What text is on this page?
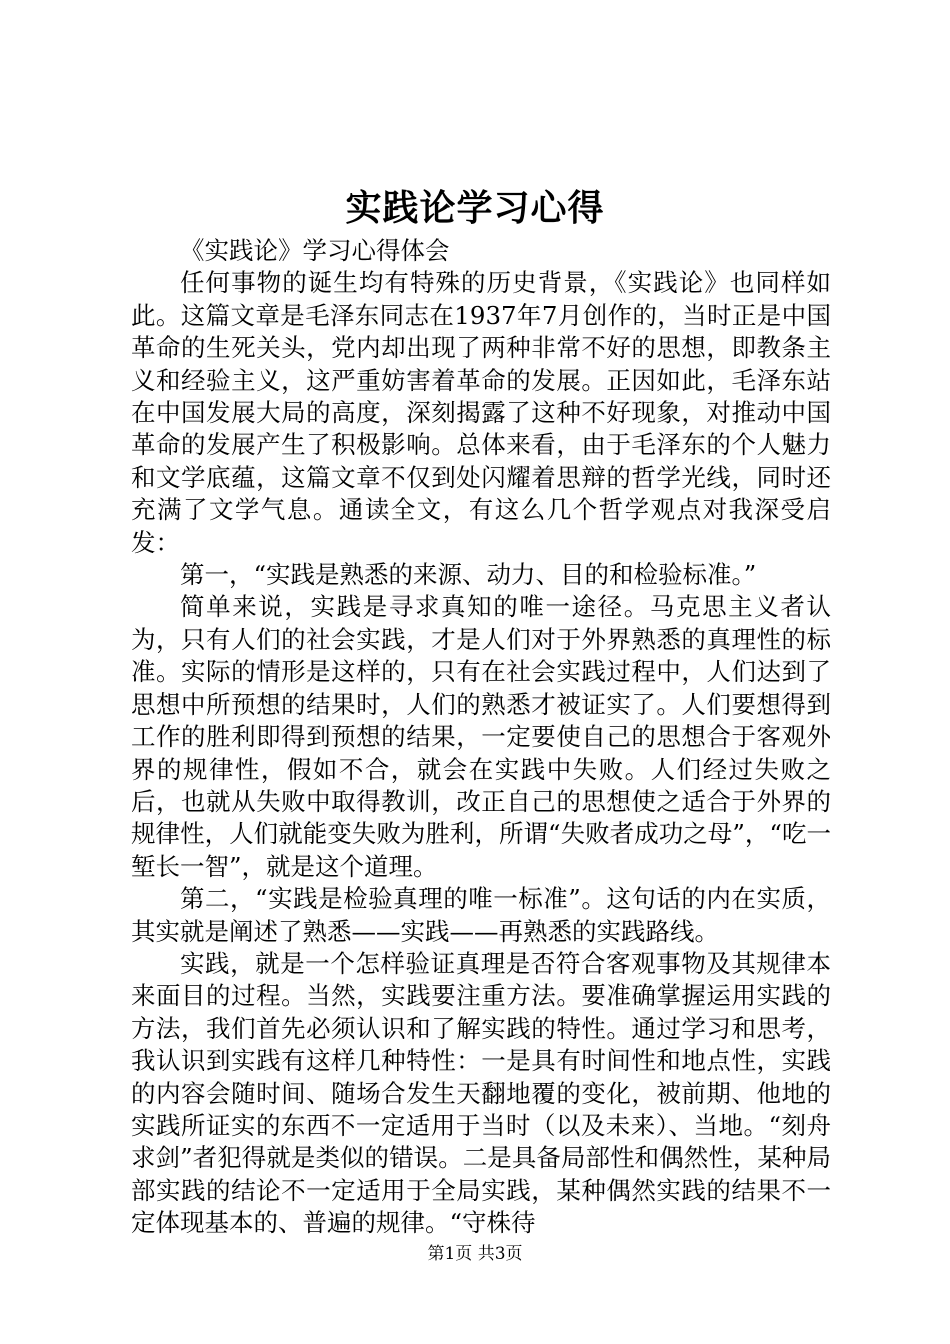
实践论学习心得

《实践论》学习心得体会

任何事物的诞生均有特殊的历史背景，《实践论》也同样如此。这篇文章是毛泽东同志在1937年7月创作的，当时正是中国革命的生死关头，党内却出现了两种非常不好的思想，即教条主义和经验主义，这严重妨害着革命的发展。正因如此，毛泽东站在中国发展大局的高度，深刻揭露了这种不好现象，对推动中国革命的发展产生了积极影响。总体来看，由于毛泽东的个人魅力和文学底蕴，这篇文章不仅到处闪耀着思辩的哲学光线，同时还充满了文学气息。通读全文，有这么几个哲学观点对我深受启发：

第一，“实践是熟悉的来源、动力、目的和检验标准。”

简单来说，实践是寻求真知的唯一途径。马克思主义者认为，只有人们的社会实践，才是人们对于外界熟悉的真理性的标准。实际的情形是这样的，只有在社会实践过程中，人们达到了思想中所预想的结果时，人们的熟悉才被证实了。人们要想得到工作的胜利即得到预想的结果，一定要使自己的思想合于客观外界的规律性，假如不合，就会在实践中失败。人们经过失败之后，也就从失败中取得教训，改正自己的思想使之适合于外界的规律性，人们就能变失败为胜利，所谓“失败者成功之母”，“吃一堑长一智”，就是这个道理。

第二，“实践是检验真理的唯一标准”。这句话的内在实质，其实就是阐述了熟悉——实践——再熟悉的实践路线。

实践，就是一个怎样验证真理是否符合客观事物及其规律本来面目的过程。当然，实践要注重方法。要准确掌握运用实践的方法，我们首先必须认识和了解实践的特性。通过学习和思考，我认识到实践有这样几种特性：一是具有时间性和地点性，实践的内容会随时间、随场合发生天翻地覆的变化，被前期、他地的实践所证实的东西不一定适用于当时（以及未来）、当地。“刻舟求剑”者犯得就是类似的错误。二是具备局部性和偶然性，某种局部实践的结论不一定适用于全局实践，某种偶然实践的结果不一定体现基本的、普遍的规律。“守株待

第1页 共3页
